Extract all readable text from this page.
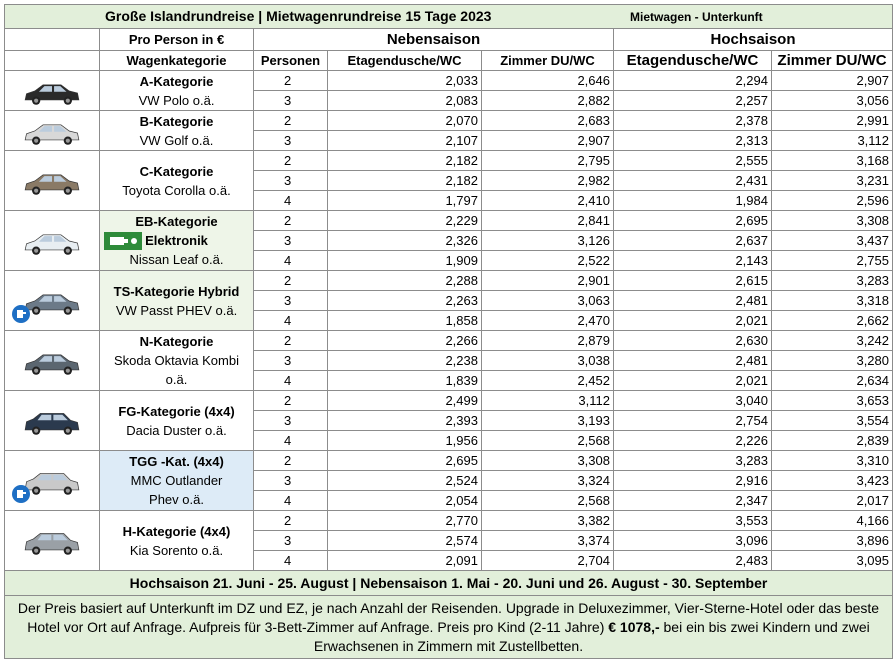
Große Islandrundreise | Mietwagenrundreise 15 Tage 2023 Mietwagen - Unterkunft						

	Pro Person in €	Nebensaison			Hochsaison	
	Wagenkategorie	Personen	Etagendusche/WC	Zimmer DU/WC	Etagendusche/WC	Zimmer DU/WC

A-Kategorie
VW Polo o.ä.	2	2,033	2,646	2,294	2,907
		3	2,083	2,882	2,257	3,056

B-Kategorie
VW Golf o.ä.	2	2,070	2,683	2,378	2,991
		3	2,107	2,907	2,313	3,112

C-Kategorie
Toyota Corolla o.ä.	2	2,182	2,795	2,555	3,168
		3	2,182	2,982	2,431	3,231
		4	1,797	2,410	1,984	2,596

EB-Kategorie
Elektronik
Nissan Leaf o.ä.	2	2,229	2,841	2,695	3,308
		3	2,326	3,126	2,637	3,437
		4	1,909	2,522	2,143	2,755

TS-Kategorie Hybrid
VW Passt PHEV o.ä.	2	2,288	2,901	2,615	3,283
		3	2,263	3,063	2,481	3,318
		4	1,858	2,470	2,021	2,662

N-Kategorie
Skoda Oktavia Kombi
o.ä.	2	2,266	2,879	2,630	3,242
		3	2,238	3,038	2,481	3,280
		4	1,839	2,452	2,021	2,634

FG-Kategorie (4x4)
Dacia Duster o.ä.	2	2,499	3,112	3,040	3,653
		3	2,393	3,193	2,754	3,554
		4	1,956	2,568	2,226	2,839

TGG -Kat. (4x4)
MMC Outlander
Phev o.ä.	2	2,695	3,308	3,283	3,310
		3	2,524	3,324	2,916	3,423
		4	2,054	2,568	2,347	2,017

H-Kategorie (4x4)
Kia Sorento o.ä.	2	2,770	3,382	3,553	4,166
		3	2,574	3,374	3,096	3,896
		4	2,091	2,704	2,483	3,095
Hochsaison 21. Juni - 25. August | Nebensaison 1. Mai - 20. Juni und 26. August - 30. September						
Der Preis basiert auf Unterkunft im DZ und EZ, je nach Anzahl der Reisenden. Upgrade in Deluxezimmer, Vier-Sterne-Hotel oder das beste Hotel vor Ort auf Anfrage. Aufpreis für 3-Bett-Zimmer auf Anfrage. Preis pro Kind (2-11 Jahre) € 1078,- bei ein bis zwei Kindern und zwei Erwachsenen in Zimmern mit Zustellbetten.						
